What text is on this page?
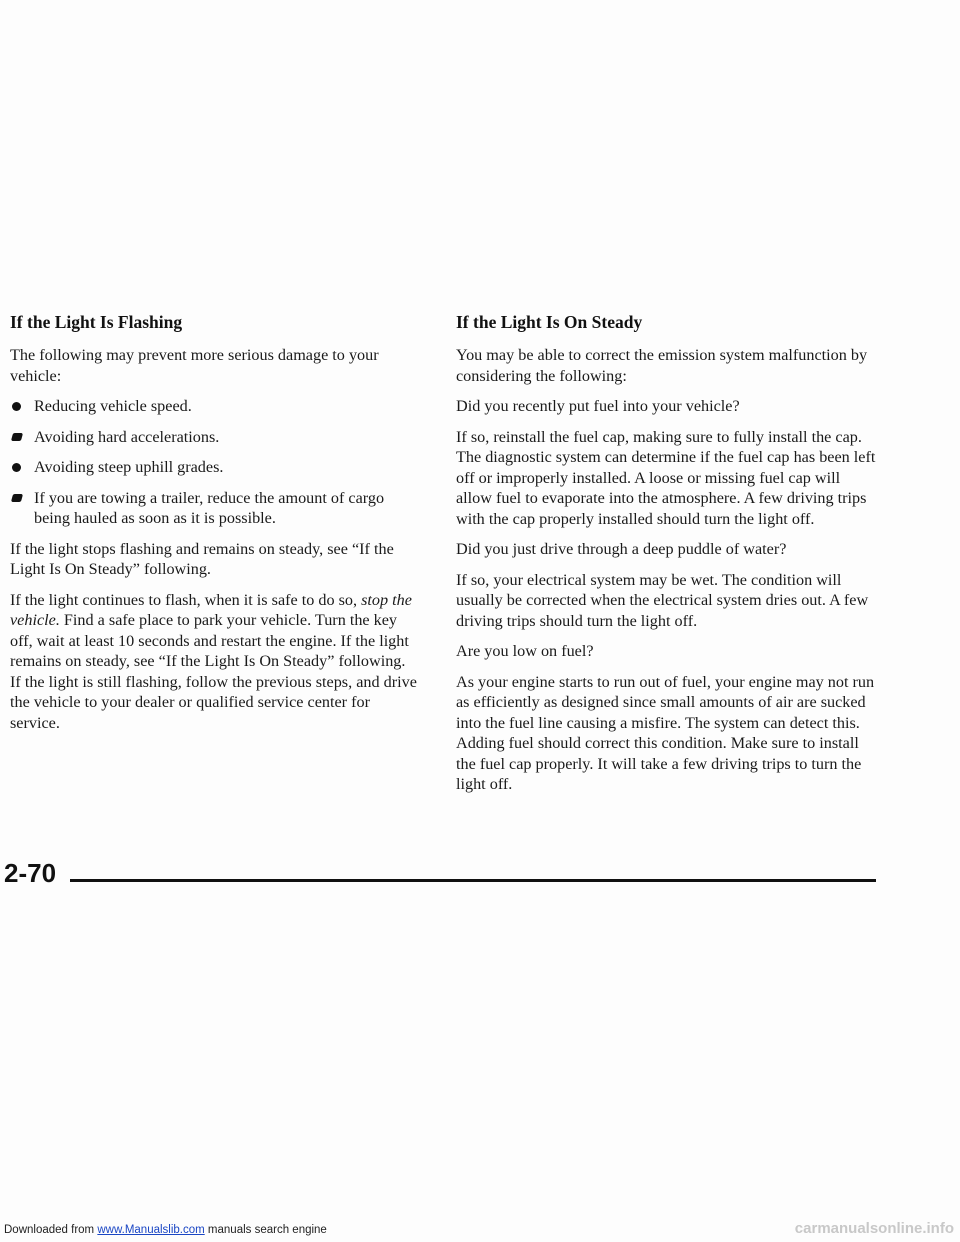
If the Light Is Flashing

The following may prevent more serious damage to your vehicle:

Reducing vehicle speed.
Avoiding hard accelerations.
Avoiding steep uphill grades.
If you are towing a trailer, reduce the amount of cargo being hauled as soon as it is possible.

If the light stops flashing and remains on steady, see “If the Light Is On Steady” following.

If the light continues to flash, when it is safe to do so, stop the vehicle. Find a safe place to park your vehicle. Turn the key off, wait at least 10 seconds and restart the engine. If the light remains on steady, see “If the Light Is On Steady” following. If the light is still flashing, follow the previous steps, and drive the vehicle to your dealer or qualified service center for service.

If the Light Is On Steady

You may be able to correct the emission system malfunction by considering the following:

Did you recently put fuel into your vehicle?

If so, reinstall the fuel cap, making sure to fully install the cap. The diagnostic system can determine if the fuel cap has been left off or improperly installed. A loose or missing fuel cap will allow fuel to evaporate into the atmosphere. A few driving trips with the cap properly installed should turn the light off.

Did you just drive through a deep puddle of water?

If so, your electrical system may be wet. The condition will usually be corrected when the electrical system dries out. A few driving trips should turn the light off.

Are you low on fuel?

As your engine starts to run out of fuel, your engine may not run as efficiently as designed since small amounts of air are sucked into the fuel line causing a misfire. The system can detect this. Adding fuel should correct this condition. Make sure to install the fuel cap properly. It will take a few driving trips to turn the light off.

2-70
Downloaded from www.Manualslib.com manuals search engine	carmanualsonline.info
